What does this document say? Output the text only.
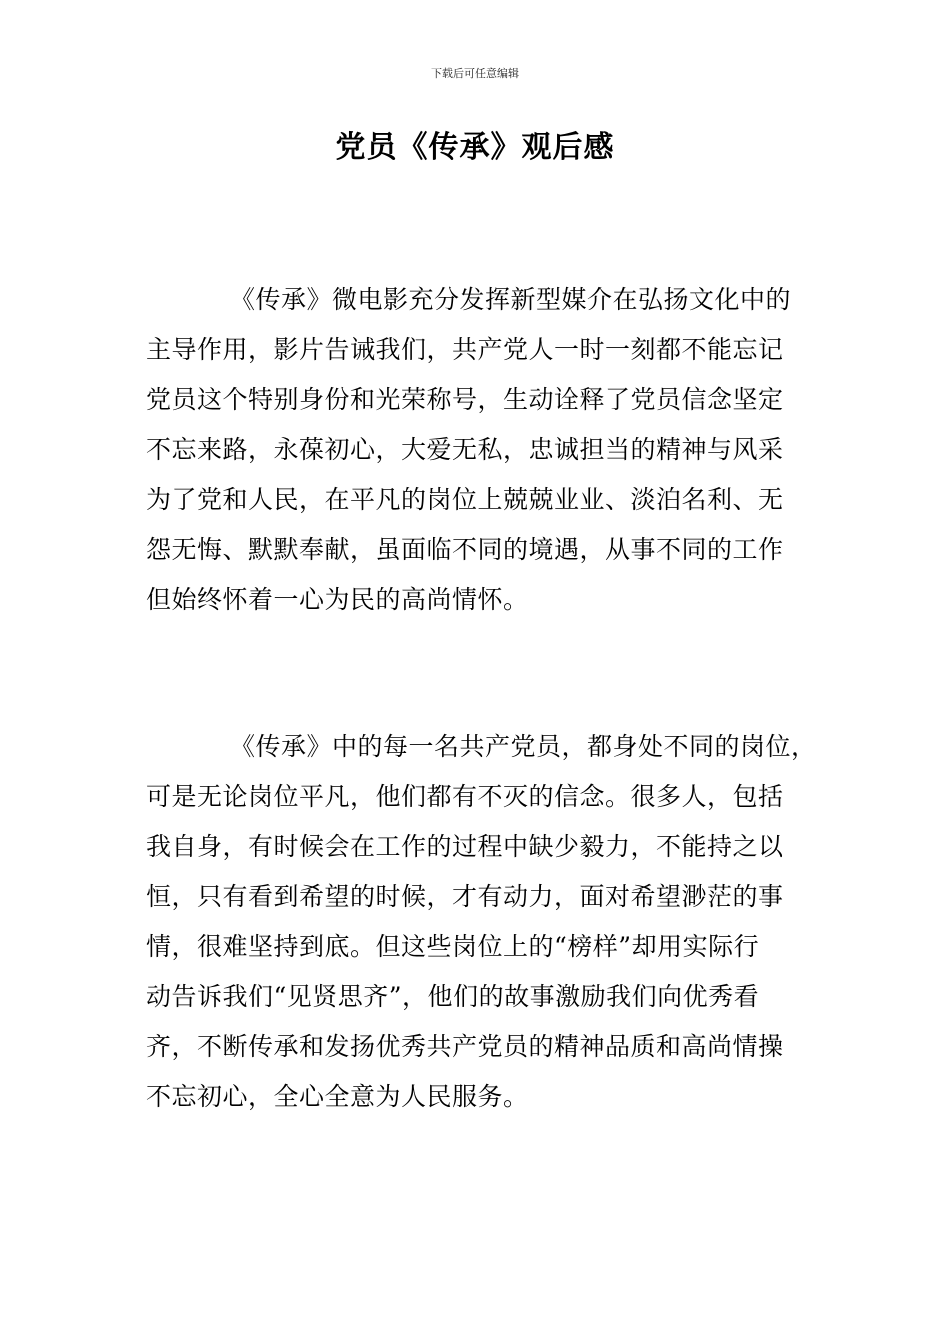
下载后可任意编辑
党员《传承》观后感
《传承》微电影充分发挥新型媒介在弘扬文化中的
主导作用，影片告诫我们，共产党人一时一刻都不能忘记
党员这个特别身份和光荣称号，生动诠释了党员信念坚定
不忘来路，永葆初心，大爱无私，忠诚担当的精神与风采
为了党和人民，在平凡的岗位上兢兢业业、淡泊名利、无
怨无悔、默默奉献，虽面临不同的境遇，从事不同的工作
但始终怀着一心为民的高尚情怀。
《传承》中的每一名共产党员，都身处不同的岗位，
可是无论岗位平凡，他们都有不灭的信念。很多人，包括
我自身，有时候会在工作的过程中缺少毅力，不能持之以
恒，只有看到希望的时候，才有动力，面对希望渺茫的事
情，很难坚持到底。但这些岗位上的“榜样”却用实际行
动告诉我们“见贤思齐”，他们的故事激励我们向优秀看
齐，不断传承和发扬优秀共产党员的精神品质和高尚情操
不忘初心，全心全意为人民服务。
